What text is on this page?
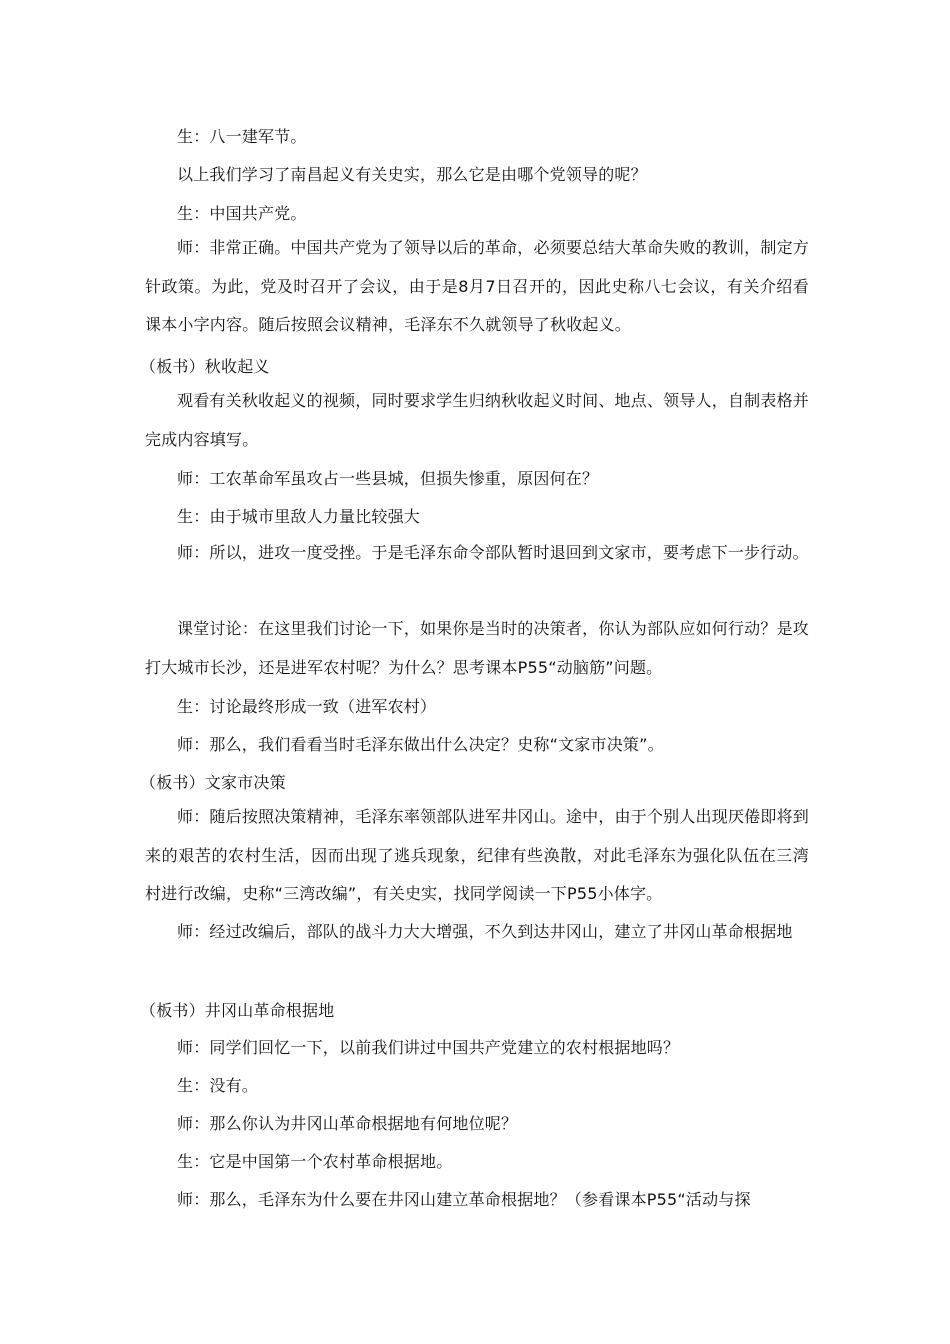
生：八一建军节。
以上我们学习了南昌起义有关史实，那么它是由哪个党领导的呢？
生：中国共产党。
师：非常正确。中国共产党为了领导以后的革命，必须要总结大革命失败的教训，制定方针政策。为此，党及时召开了会议，由于是8月7日召开的，因此史称八七会议，有关介绍看课本小字内容。随后按照会议精神，毛泽东不久就领导了秋收起义。
（板书）秋收起义
观看有关秋收起义的视频，同时要求学生归纳秋收起义时间、地点、领导人，自制表格并完成内容填写。
师：工农革命军虽攻占一些县城，但损失惨重，原因何在？
生：由于城市里敌人力量比较强大
师：所以，进攻一度受挫。于是毛泽东命令部队暂时退回到文家市，要考虑下一步行动。
课堂讨论：在这里我们讨论一下，如果你是当时的决策者，你认为部队应如何行动？是攻打大城市长沙，还是进军农村呢？为什么？思考课本P55“动脑筋”问题。
生：讨论最终形成一致（进军农村）
师：那么，我们看看当时毛泽东做出什么决定？史称“文家市决策”。
（板书）文家市决策
师：随后按照决策精神，毛泽东率领部队进军井冈山。途中，由于个别人出现厌倦即将到来的艰苦的农村生活，因而出现了逃兵现象，纪律有些涣散，对此毛泽东为强化队伍在三湾村进行改编，史称“三湾改编”，有关史实，找同学阅读一下P55小体字。
师：经过改编后，部队的战斗力大大增强，不久到达井冈山，建立了井冈山革命根据地
（板书）井冈山革命根据地
师：同学们回忆一下，以前我们讲过中国共产党建立的农村根据地吗？
生：没有。
师：那么你认为井冈山革命根据地有何地位呢？
生：它是中国第一个农村革命根据地。
师：那么，毛泽东为什么要在井冈山建立革命根据地？（参看课本P55“活动与探
